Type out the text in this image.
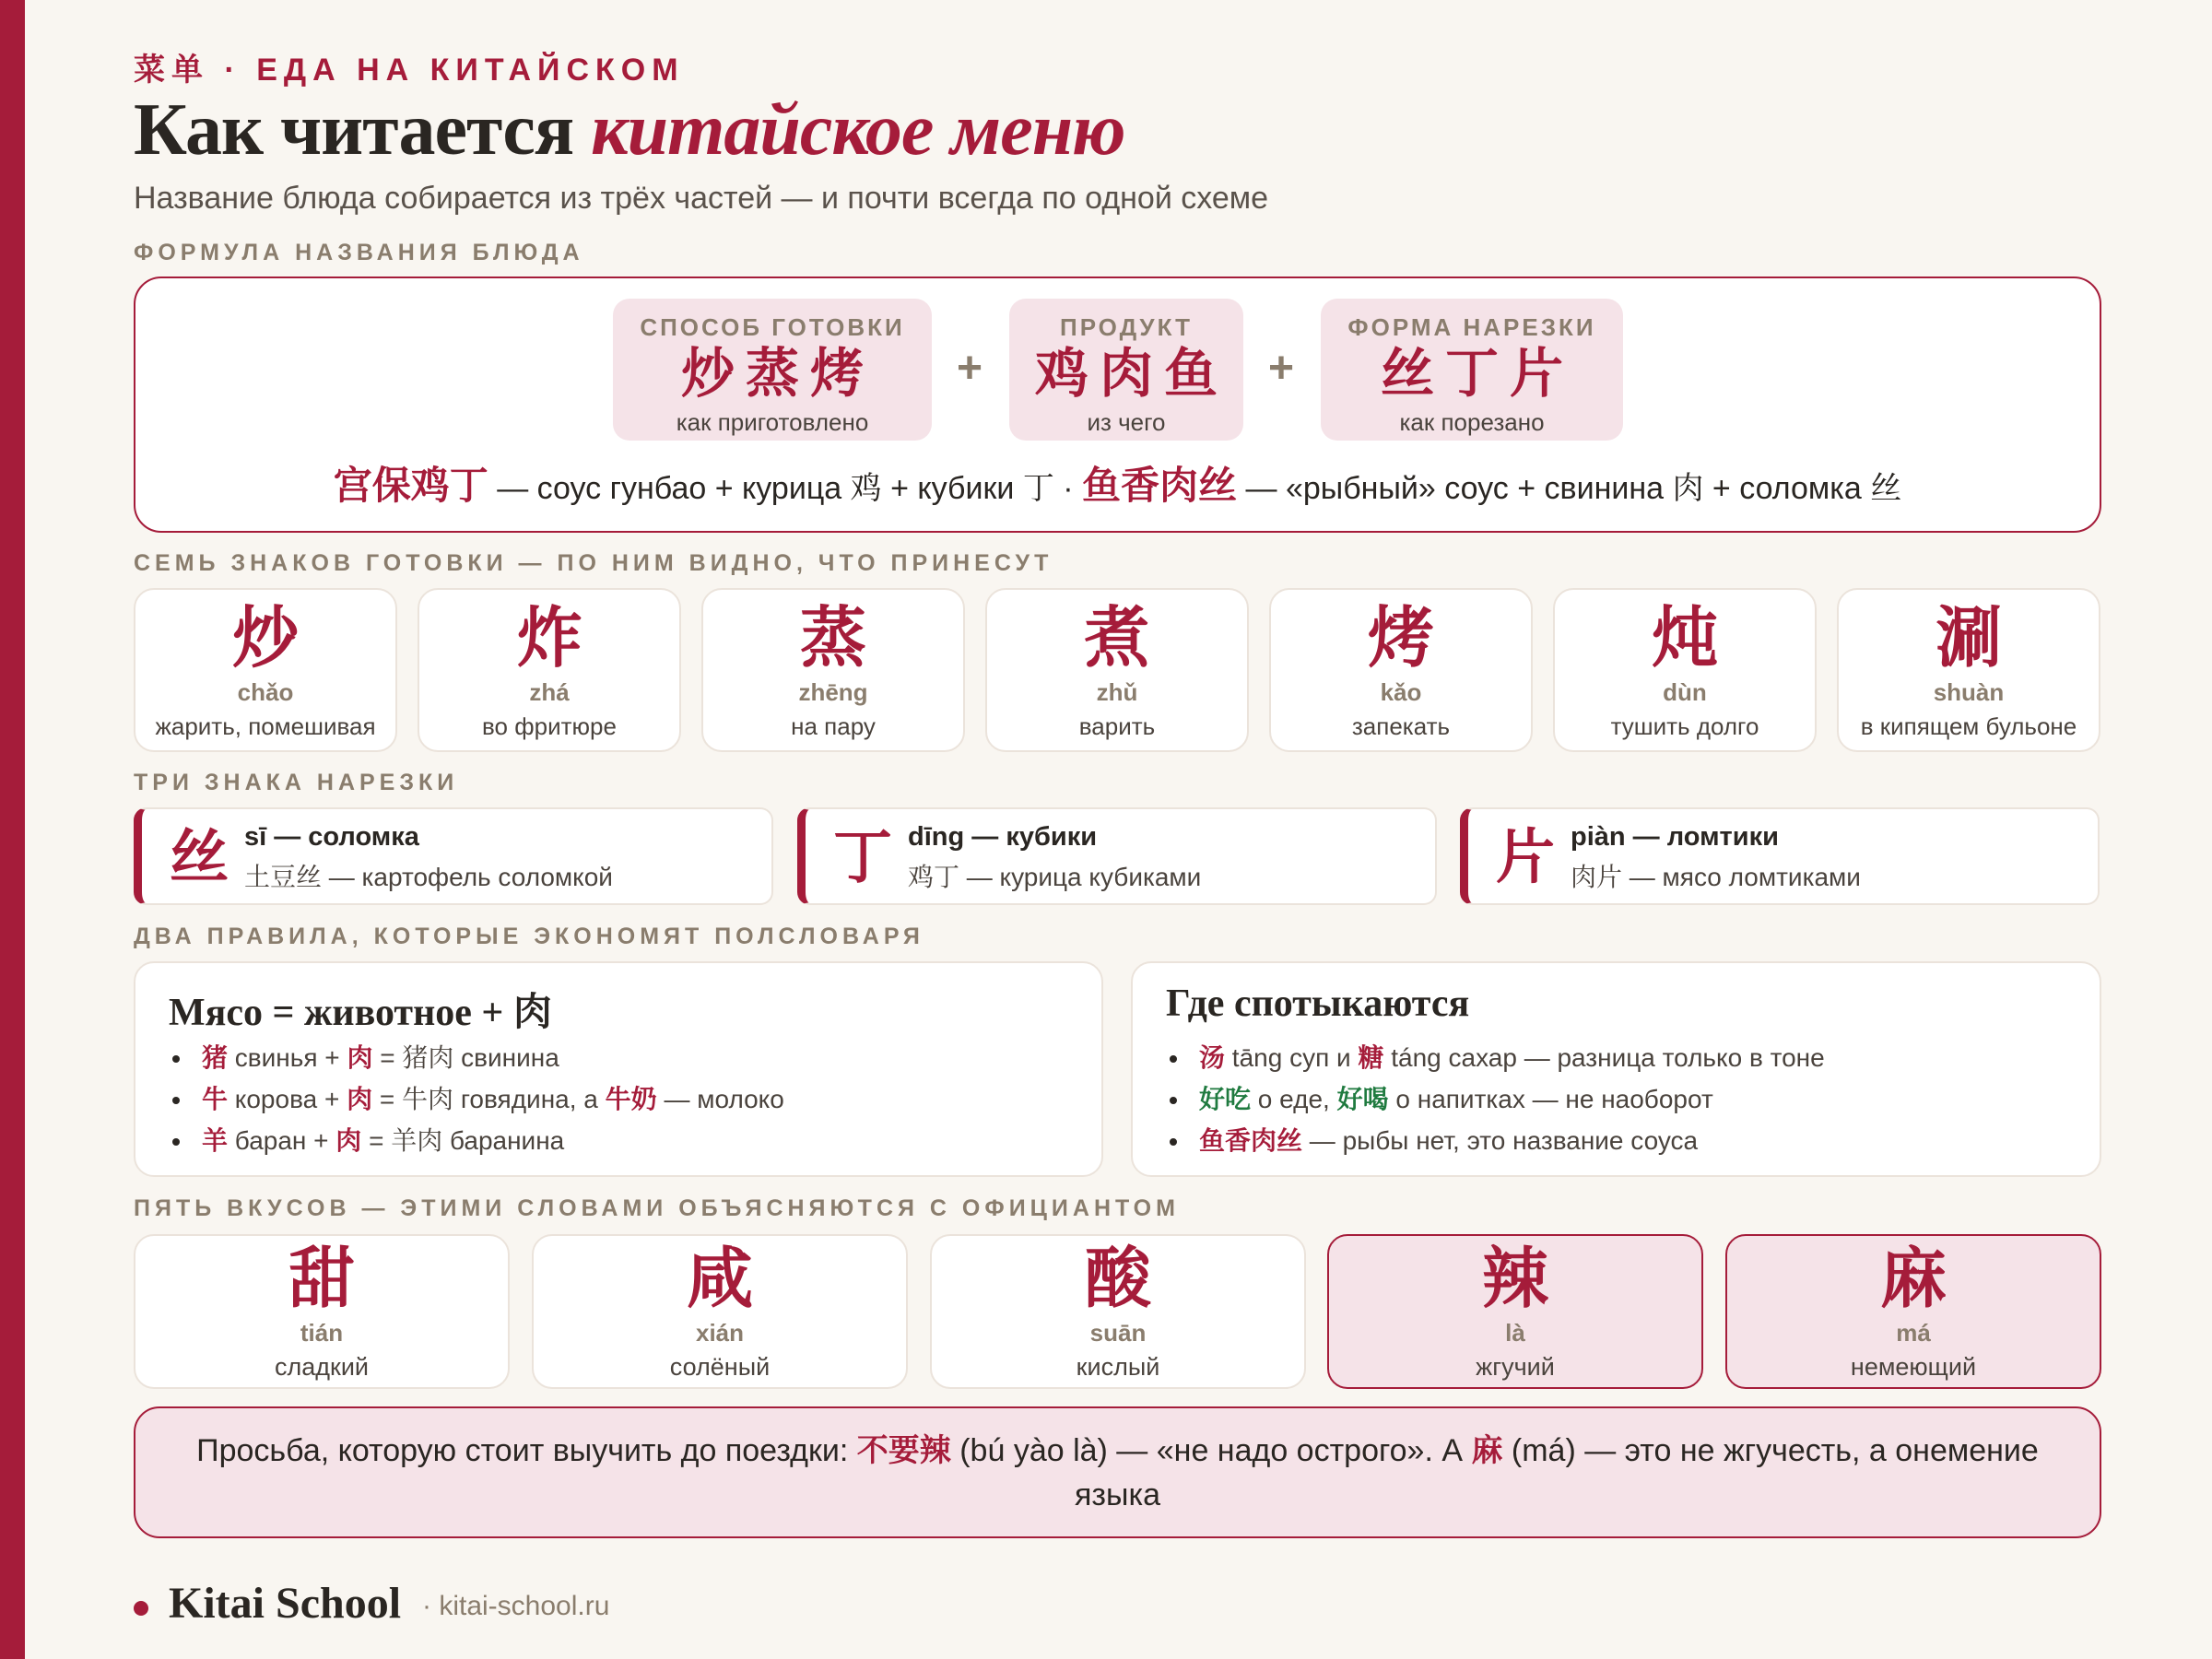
菜单 · ЕДА НА КИТАЙСКОМ
Как читается китайское меню
Название блюда собирается из трёх частей — и почти всегда по одной схеме
ФОРМУЛА НАЗВАНИЯ БЛЮДА
СПОСОБ ГОТОВКИ
炒蒸烤
как приготовлено
+
ПРОДУКТ
鸡肉鱼
из чего
+
ФОРМА НАРЕЗКИ
丝丁片
как порезано
宫保鸡丁 — соус гунбао + курица 鸡 + кубики 丁 · 鱼香肉丝 — «рыбный» соус + свинина 肉 + соломка 丝
СЕМЬ ЗНАКОВ ГОТОВКИ — ПО НИМ ВИДНО, ЧТО ПРИНЕСУТ
炒
chǎo
жарить, помешивая
炸
zhá
во фритюре
蒸
zhēng
на пару
煮
zhǔ
варить
烤
kǎo
запекать
炖
dùn
тушить долго
涮
shuàn
в кипящем бульоне
ТРИ ЗНАКА НАРЕЗКИ
丝 sī — соломка
土豆丝 — картофель соломкой	丁 dīng — кубики
鸡丁 — курица кубиками	片 piàn — ломтики
肉片 — мясо ломтиками
ДВА ПРАВИЛА, КОТОРЫЕ ЭКОНОМЯТ ПОЛСЛОВАРЯ
Мясо = животное + 肉
猪 свинья + 肉 = 猪肉 свинина
牛 корова + 肉 = 牛肉 говядина, а 牛奶 — молоко
羊 баран + 肉 = 羊肉 баранина
Где спотыкаются
汤 tāng суп и 糖 táng сахар — разница только в тоне
好吃 о еде, 好喝 о напитках — не наоборот
鱼香肉丝 — рыбы нет, это название соуса
ПЯТЬ ВКУСОВ — ЭТИМИ СЛОВАМИ ОБЪЯСНЯЮТСЯ С ОФИЦИАНТОМ
甜
tián
сладкий
咸
xián
солёный
酸
suān
кислый
辣
là
жгучий
麻
má
немеющий
Просьба, которую стоит выучить до поездки: 不要辣 (bú yào là) — «не надо острого». А 麻 (má) — это не жгучесть, а онемение языка
Kitai School · kitai-school.ru
